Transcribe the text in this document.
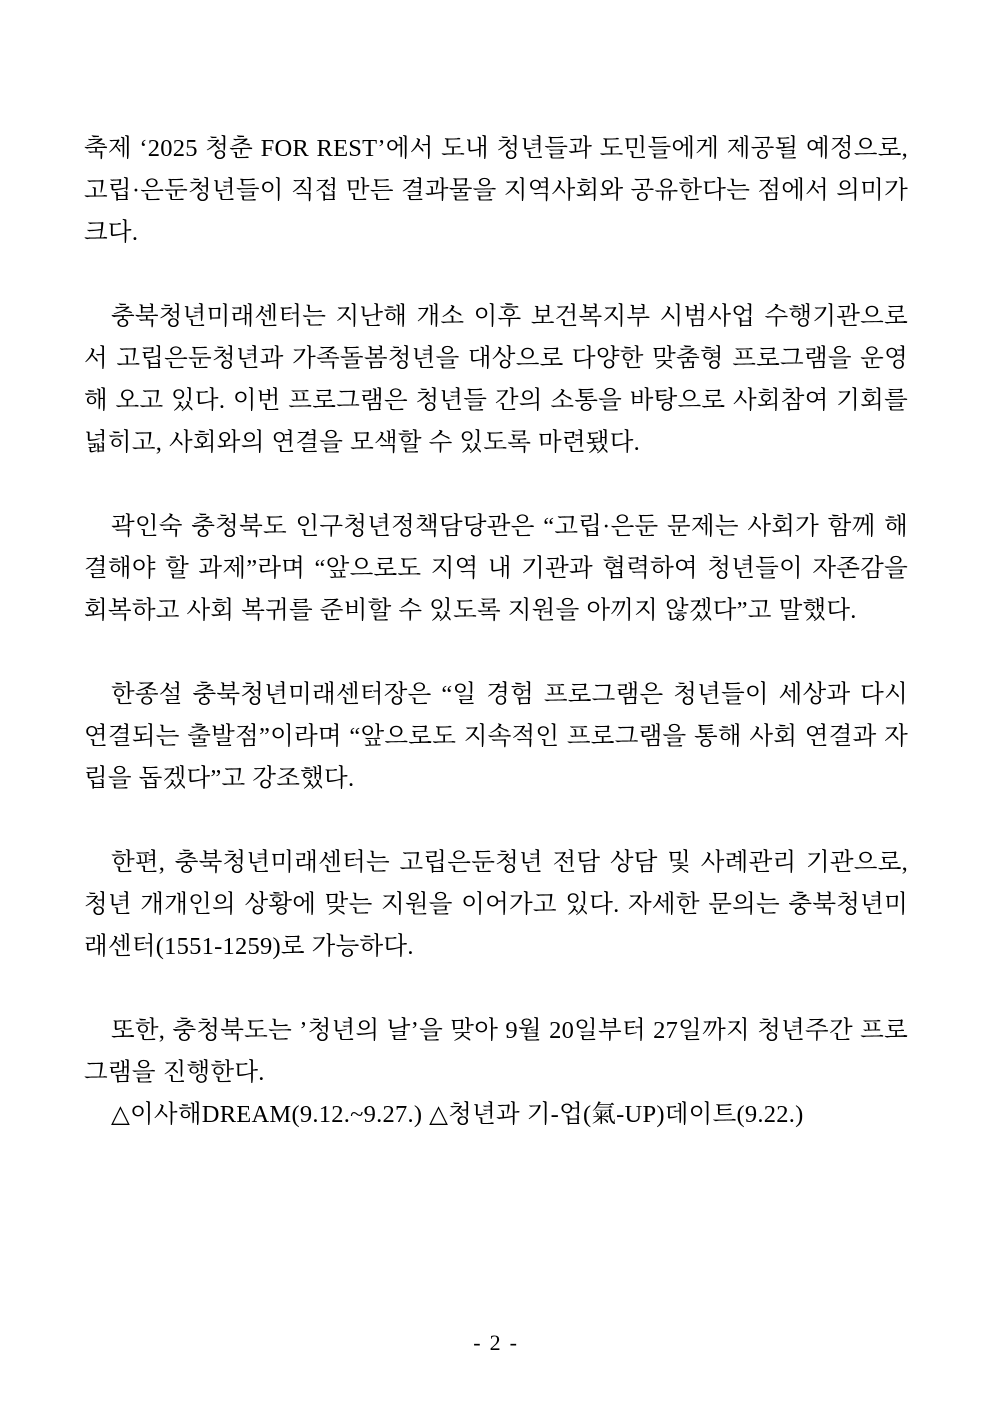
축제 ‘2025 청춘 FOR REST’에서 도내 청년들과 도민들에게 제공될 예정으로, 고립·은둔청년들이 직접 만든 결과물을 지역사회와 공유한다는 점에서 의미가 크다.

충북청년미래센터는 지난해 개소 이후 보건복지부 시범사업 수행기관으로서 고립은둔청년과 가족돌봄청년을 대상으로 다양한 맞춤형 프로그램을 운영해 오고 있다. 이번 프로그램은 청년들 간의 소통을 바탕으로 사회참여 기회를 넓히고, 사회와의 연결을 모색할 수 있도록 마련됐다.

곽인숙 충청북도 인구청년정책담당관은 “고립·은둔 문제는 사회가 함께 해결해야 할 과제”라며 “앞으로도 지역 내 기관과 협력하여 청년들이 자존감을 회복하고 사회 복귀를 준비할 수 있도록 지원을 아끼지 않겠다”고 말했다.

한종설 충북청년미래센터장은 “일 경험 프로그램은 청년들이 세상과 다시 연결되는 출발점”이라며 “앞으로도 지속적인 프로그램을 통해 사회 연결과 자립을 돕겠다”고 강조했다.

한편, 충북청년미래센터는 고립은둔청년 전담 상담 및 사례관리 기관으로, 청년 개개인의 상황에 맞는 지원을 이어가고 있다. 자세한 문의는 충북청년미래센터(1551-1259)로 가능하다.

또한, 충청북도는 ’청년의 날’을 맞아 9월 20일부터 27일까지 청년주간 프로그램을 진행한다.

△이사해DREAM(9.12.~9.27.) △청년과 기-업(氣-UP)데이트(9.22.)

- 2 -
